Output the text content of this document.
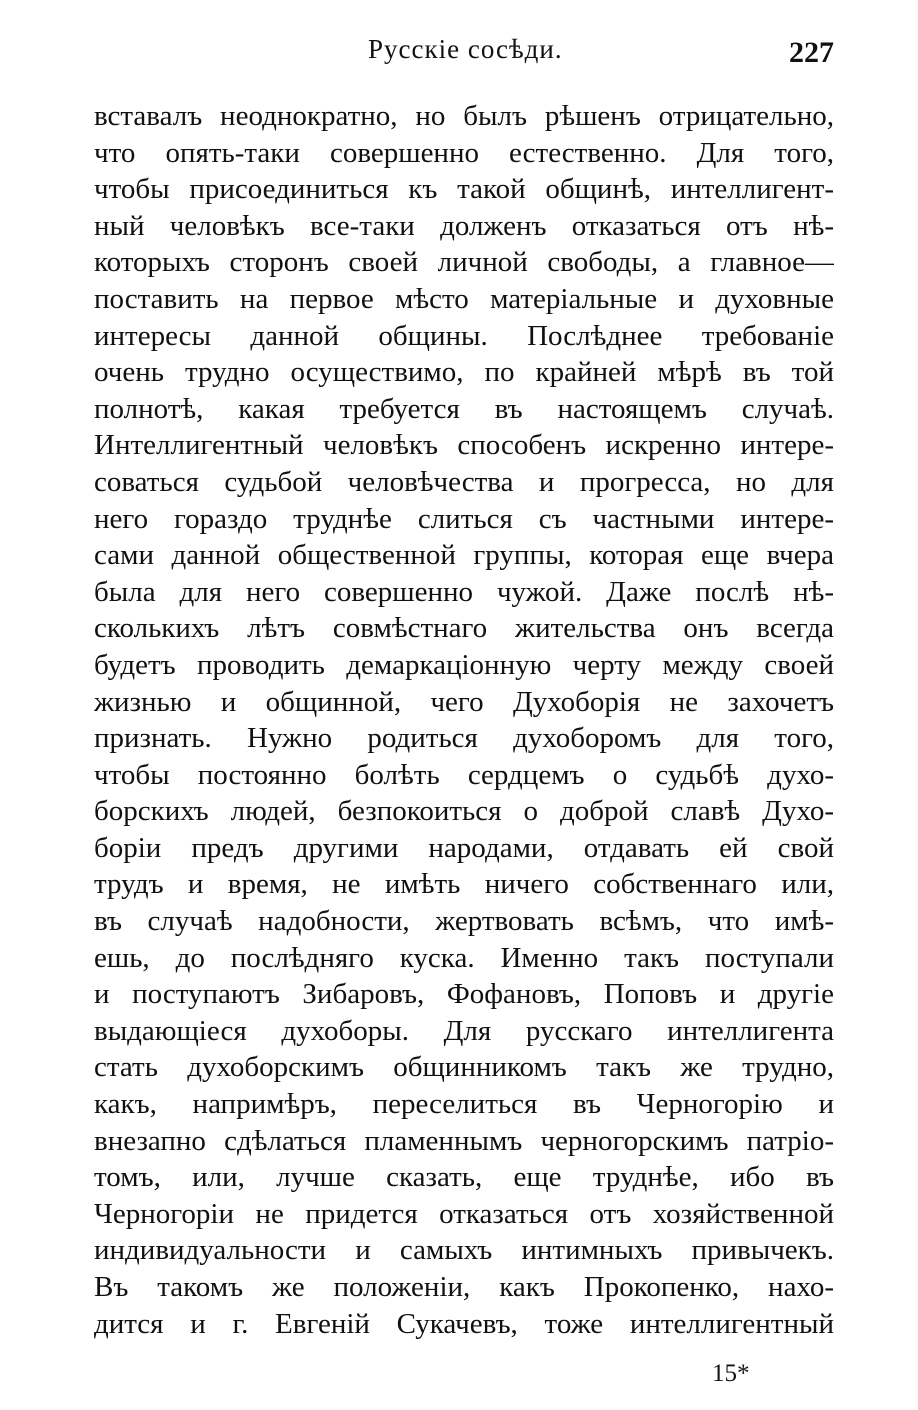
Русскіе сосѣди.	227
вставалъ неоднократно, но былъ рѣшенъ отрицательно,
что опять-таки совершенно естественно. Для того,
чтобы присоединиться къ такой общинѣ, интеллигент-
ный человѣкъ все-таки долженъ отказаться отъ нѣ-
которыхъ сторонъ своей личной свободы, а главное—
поставить на первое мѣсто матеріальные и духовные
интересы данной общины. Послѣднее требованіе
очень трудно осуществимо, по крайней мѣрѣ въ той
полнотѣ, какая требуется въ настоящемъ случаѣ.
Интеллигентный человѣкъ способенъ искренно интере-
соваться судьбой человѣчества и прогресса, но для
него гораздо труднѣе слиться съ частными интере-
сами данной общественной группы, которая еще вчера
была для него совершенно чужой. Даже послѣ нѣ-
сколькихъ лѣтъ совмѣстнаго жительства онъ всегда
будетъ проводить демаркаціонную черту между своей
жизнью и общинной, чего Духоборія не захочетъ
признать. Нужно родиться духоборомъ для того,
чтобы постоянно болѣть сердцемъ о судьбѣ духо-
борскихъ людей, безпокоиться о доброй славѣ Духо-
боріи предъ другими народами, отдавать ей свой
трудъ и время, не имѣть ничего собственнаго или,
въ случаѣ надобности, жертвовать всѣмъ, что имѣ-
ешь, до послѣдняго куска. Именно такъ поступали
и поступаютъ Зибаровъ, Фофановъ, Поповъ и другіе
выдающіеся духоборы. Для русскаго интеллигента
стать духоборскимъ общинникомъ такъ же трудно,
какъ, напримѣръ, переселиться въ Черногорію и
внезапно сдѣлаться пламеннымъ черногорскимъ патріо-
томъ, или, лучше сказать, еще труднѣе, ибо въ
Черногоріи не придется отказаться отъ хозяйственной
индивидуальности и самыхъ интимныхъ привычекъ.
Въ такомъ же положеніи, какъ Прокопенко, нахо-
дится и г. Евгеній Сукачевъ, тоже интеллигентный
15*
